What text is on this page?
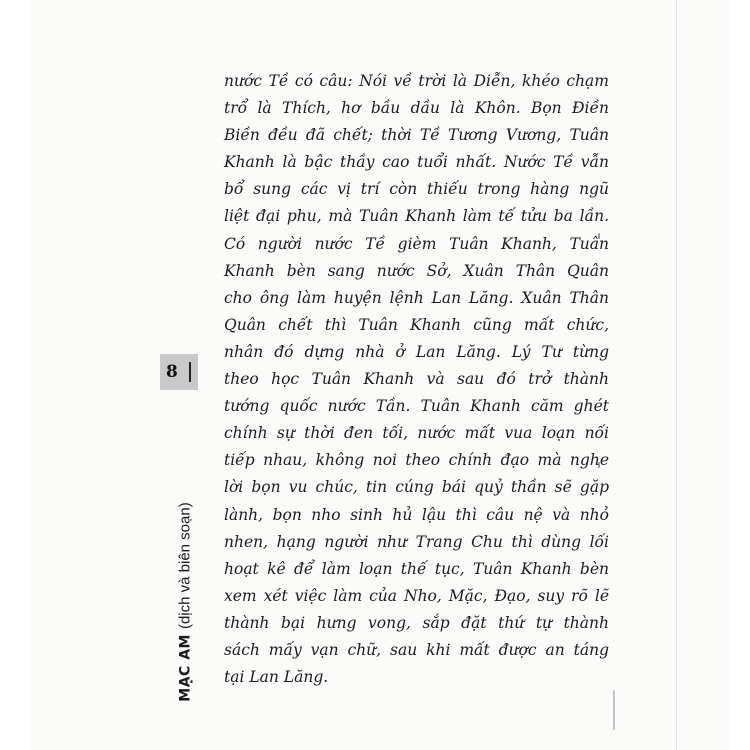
nước Tề có câu: Nói về trời là Diễn, khéo chạm
trổ là Thích, hơ bầu dầu là Khôn. Bọn Điền
Biền đều đã chết; thời Tề Tương Vương, Tuân
Khanh là bậc thầy cao tuổi nhất. Nước Tề vẫn
bổ sung các vị trí còn thiếu trong hàng ngũ
liệt đại phu, mà Tuân Khanh làm tế tửu ba lần.
Có người nước Tề gièm Tuân Khanh, Tuân
Khanh bèn sang nước Sở, Xuân Thân Quân
cho ông làm huyện lệnh Lan Lăng. Xuân Thân
Quân chết thì Tuân Khanh cũng mất chức,
nhân đó dựng nhà ở Lan Lăng. Lý Tư từng
theo học Tuân Khanh và sau đó trở thành
tướng quốc nước Tần. Tuân Khanh căm ghét
chính sự thời đen tối, nước mất vua loạn nối
tiếp nhau, không noi theo chính đạo mà nghe
lời bọn vu chúc, tin cúng bái quỷ thần sẽ gặp
lành, bọn nho sinh hủ lậu thì câu nệ và nhỏ
nhen, hạng người như Trang Chu thì dùng lối
hoạt kê để làm loạn thế tục, Tuân Khanh bèn
xem xét việc làm của Nho, Mặc, Đạo, suy rõ lẽ
thành bại hưng vong, sắp đặt thứ tự thành
sách mấy vạn chữ, sau khi mất được an táng
tại Lan Lăng.
8
MẠC AM(dịch và biên soạn)
